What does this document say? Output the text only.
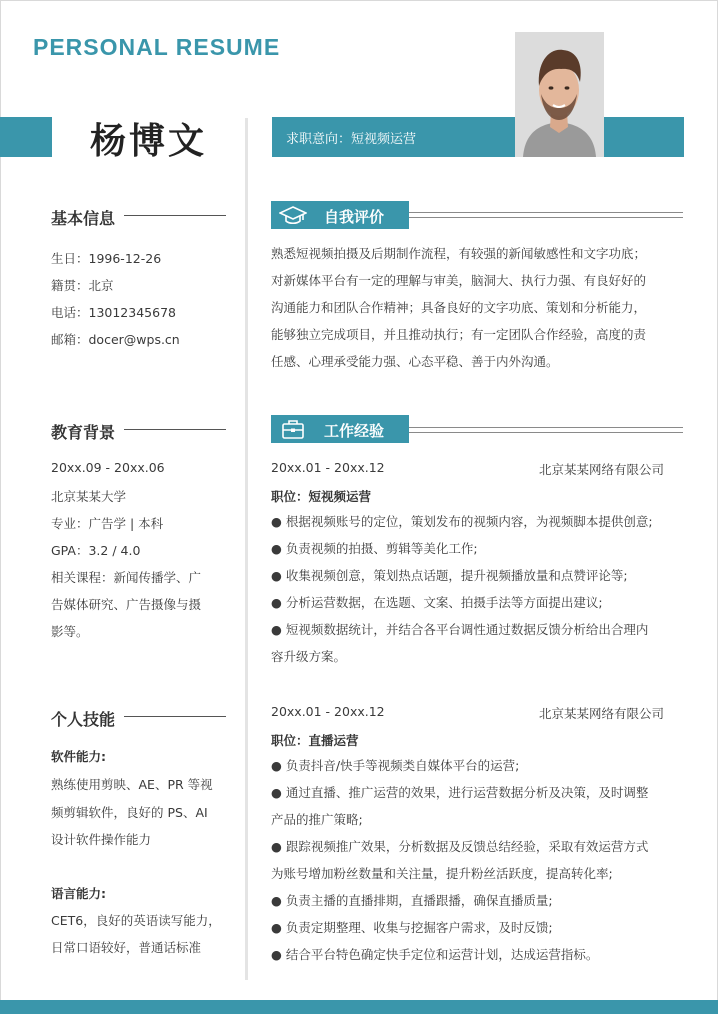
PERSONAL RESUME
杨博文	求职意向：短视频运营
基本信息
生日：1996-12-26
籍贯：北京
电话：13012345678
邮箱：docer@wps.cn
教育背景
20xx.09 - 20xx.06
北京某某大学
专业：广告学 | 本科
GPA：3.2 / 4.0
相关课程：新闻传播学、广
告媒体研究、广告摄像与摄
影等。
个人技能
软件能力:
熟练使用剪映、AE、PR 等视
频剪辑软件，良好的 PS、AI
设计软件操作能力
语言能力:
CET6，良好的英语读写能力，
日常口语较好，普通话标准
自我评价
熟悉短视频拍摄及后期制作流程，有较强的新闻敏感性和文字功底；
对新媒体平台有一定的理解与审美，脑洞大、执行力强、有良好好的
沟通能力和团队合作精神；具备良好的文字功底、策划和分析能力，
能够独立完成项目，并且推动执行；有一定团队合作经验，高度的责
任感、心理承受能力强、心态平稳、善于内外沟通。
工作经验
20xx.01 - 20xx.12	北京某某网络有限公司
职位：短视频运营
● 根据视频账号的定位，策划发布的视频内容，为视频脚本提供创意;
● 负责视频的拍摄、剪辑等美化工作;
● 收集视频创意，策划热点话题，提升视频播放量和点赞评论等;
● 分析运营数据，在选题、文案、拍摄手法等方面提出建议;
● 短视频数据统计，并结合各平台调性通过数据反馈分析给出合理内
容升级方案。
20xx.01 - 20xx.12	北京某某网络有限公司
职位：直播运营
● 负责抖音/快手等视频类自媒体平台的运营;
● 通过直播、推广运营的效果，进行运营数据分析及决策，及时调整
产品的推广策略;
● 跟踪视频推广效果，分析数据及反馈总结经验，采取有效运营方式
为账号增加粉丝数量和关注量，提升粉丝活跃度，提高转化率;
● 负责主播的直播排期，直播跟播，确保直播质量;
● 负责定期整理、收集与挖掘客户需求，及时反馈;
● 结合平台特色确定快手定位和运营计划，达成运营指标。
